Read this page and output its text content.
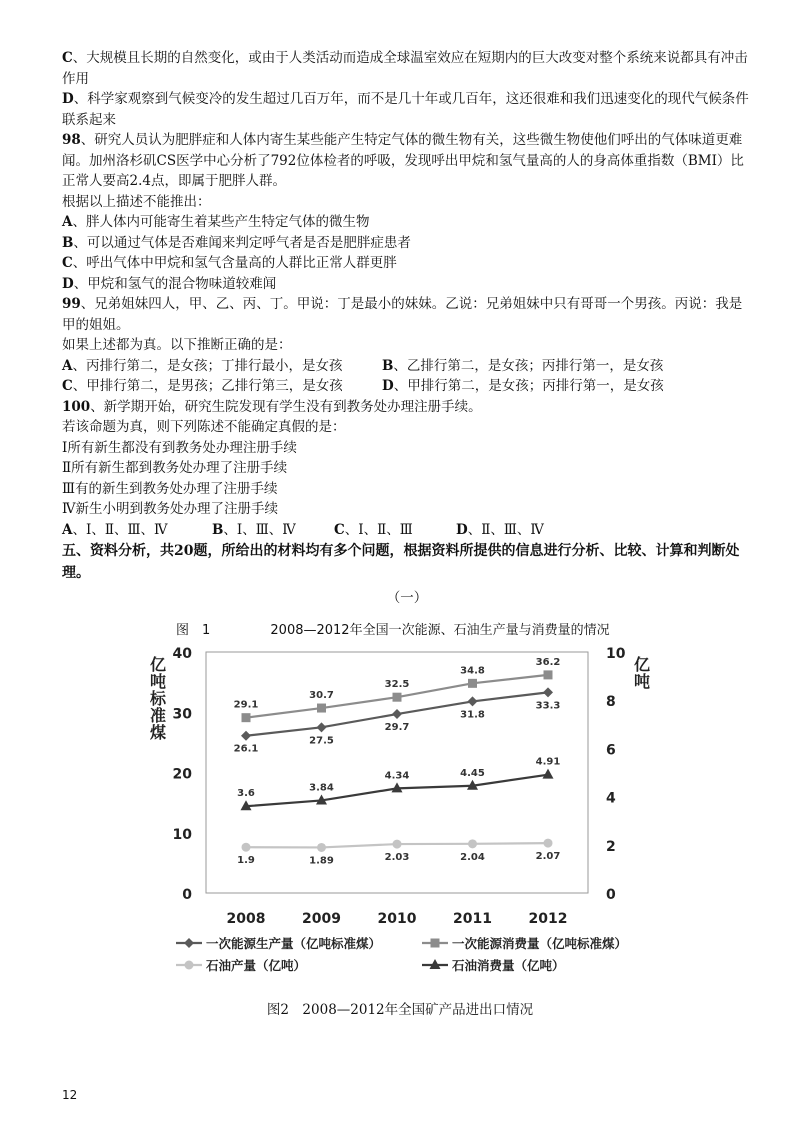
C、大规模且长期的自然变化，或由于人类活动而造成全球温室效应在短期内的巨大改变对整个系统来说都具有冲击作用

D、科学家观察到气候变冷的发生超过几百万年，而不是几十年或几百年，这还很难和我们迅速变化的现代气候条件联系起来

98、研究人员认为肥胖症和人体内寄生某些能产生特定气体的微生物有关，这些微生物使他们呼出的气体味道更难闻。加州洛杉矶CS医学中心分析了792位体检者的呼吸，发现呼出甲烷和氢气量高的人的身高体重指数（BMI）比正常人要高2.4点，即属于肥胖人群。

根据以上描述不能推出：

A、胖人体内可能寄生着某些产生特定气体的微生物

B、可以通过气体是否难闻来判定呼气者是否是肥胖症患者

C、呼出气体中甲烷和氢气含量高的人群比正常人群更胖

D、甲烷和氢气的混合物味道较难闻

99、兄弟姐妹四人，甲、乙、丙、丁。甲说：丁是最小的妹妹。乙说：兄弟姐妹中只有哥哥一个男孩。丙说：我是甲的姐姐。

如果上述都为真。以下推断正确的是：

A、丙排行第二，是女孩；丁排行最小，是女孩	B、乙排行第二，是女孩；丙排行第一，是女孩
C、甲排行第二，是男孩；乙排行第三，是女孩	D、甲排行第二，是女孩；丙排行第一，是女孩

100、新学期开始，研究生院发现有学生没有到教务处办理注册手续。

若该命题为真，则下列陈述不能确定真假的是：

Ⅰ所有新生都没有到教务处办理注册手续

Ⅱ所有新生都到教务处办理了注册手续

Ⅲ有的新生到教务处办理了注册手续

Ⅳ新生小明到教务处办理了注册手续

A、Ⅰ、Ⅱ、Ⅲ、Ⅳ	B、Ⅰ、Ⅲ、Ⅳ	C、Ⅰ、Ⅱ、Ⅲ	D、Ⅱ、Ⅲ、Ⅳ

五、资料分析，共20题，所给出的材料均有多个问题，根据资料所提供的信息进行分析、比较、计算和判断处理。

（一）

图　1	2008—2012年全国一次能源、石油生产量与消费量的情况
0
10
20
30
40
0
2
4
6
8
10
2008	2009	2010	2011	2012
亿
吨
标
准
煤
亿
吨
26.1
27.5
29.7
31.8
33.3
29.1
30.7
32.5
34.8
36.2
1.9	1.89	2.03	2.04	2.07
3.6
3.84
4.34	4.45
4.91
一次能源生产量（亿吨标准煤）	一次能源消费量（亿吨标准煤）
石油产量（亿吨）	石油消费量（亿吨）
图2　2008—2012年全国矿产品进出口情况
12
